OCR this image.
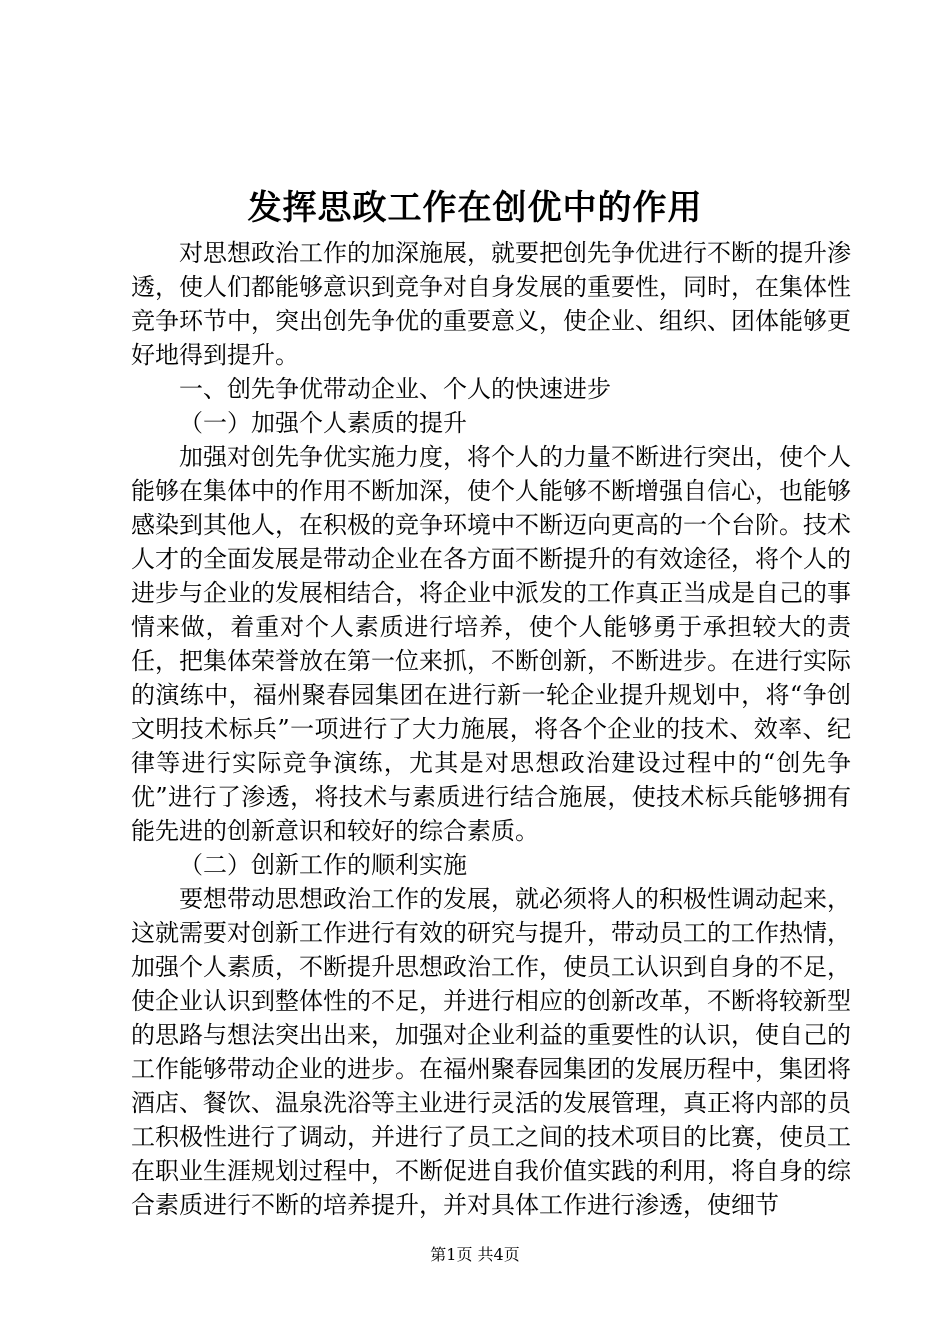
发挥思政工作在创优中的作用

对思想政治工作的加深施展，就要把创先争优进行不断的提升渗透，使人们都能够意识到竞争对自身发展的重要性，同时，在集体性竞争环节中，突出创先争优的重要意义，使企业、组织、团体能够更好地得到提升。

一、创先争优带动企业、个人的快速进步

（一）加强个人素质的提升

加强对创先争优实施力度，将个人的力量不断进行突出，使个人能够在集体中的作用不断加深，使个人能够不断增强自信心，也能够感染到其他人，在积极的竞争环境中不断迈向更高的一个台阶。技术人才的全面发展是带动企业在各方面不断提升的有效途径，将个人的进步与企业的发展相结合，将企业中派发的工作真正当成是自己的事情来做，着重对个人素质进行培养，使个人能够勇于承担较大的责任，把集体荣誉放在第一位来抓，不断创新，不断进步。在进行实际的演练中，福州聚春园集团在进行新一轮企业提升规划中，将“争创文明技术标兵”一项进行了大力施展，将各个企业的技术、效率、纪律等进行实际竞争演练，尤其是对思想政治建设过程中的“创先争优”进行了渗透，将技术与素质进行结合施展，使技术标兵能够拥有能先进的创新意识和较好的综合素质。

（二）创新工作的顺利实施

要想带动思想政治工作的发展，就必须将人的积极性调动起来，这就需要对创新工作进行有效的研究与提升，带动员工的工作热情，加强个人素质，不断提升思想政治工作，使员工认识到自身的不足，使企业认识到整体性的不足，并进行相应的创新改革，不断将较新型的思路与想法突出出来，加强对企业利益的重要性的认识，使自己的工作能够带动企业的进步。在福州聚春园集团的发展历程中，集团将酒店、餐饮、温泉洗浴等主业进行灵活的发展管理，真正将内部的员工积极性进行了调动，并进行了员工之间的技术项目的比赛，使员工在职业生涯规划过程中，不断促进自我价值实践的利用，将自身的综合素质进行不断的培养提升，并对具体工作进行渗透，使细节

第1页 共4页
